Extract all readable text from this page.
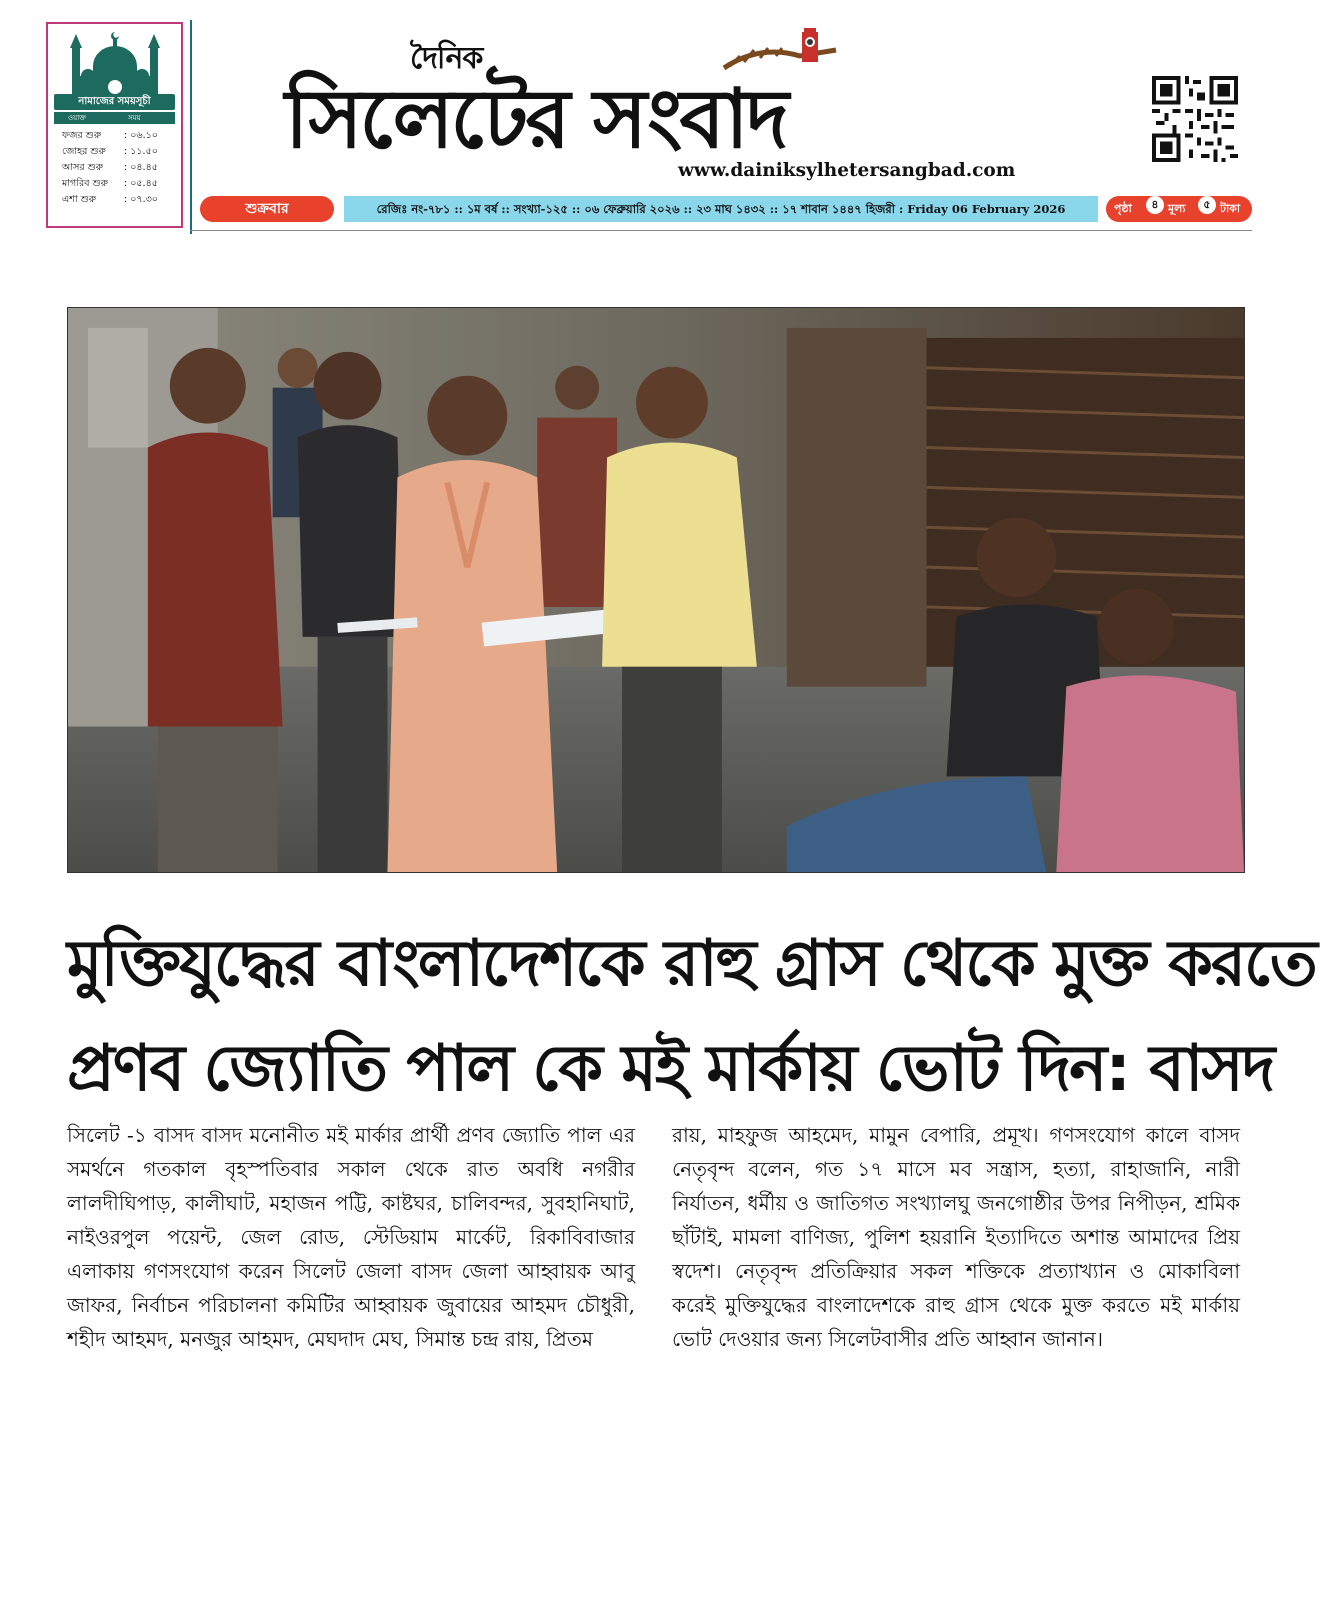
নামাজের সময়সূচী
ওয়াক্ত	সময়
ফজর শুরু : ০৬.১০
জোহর শুরু : ১১.৫০
আসর শুরু : ০৪.৪৫
মাগরিব শুরু : ০৫.৪৫
এশা শুরু	: ০৭.৩০
দৈনিক
সিলেটের সংবাদ
www.dainiksylhetersangbad.com
শুক্রবার	রেজিঃ নং-৭৮১ :: ১ম বর্ষ :: সংখ্যা-১২৫ :: ০৬ ফেব্রুয়ারি ২০২৬ :: ২৩ মাঘ ১৪৩২ :: ১৭ শাবান ১৪৪৭ হিজরী : Friday 06 February 2026	পৃষ্ঠা	৪ মূল্য	৫ টাকা
মুক্তিযুদ্ধের বাংলাদেশকে রাহু গ্রাস থেকে মুক্ত করতে
প্রণব জ্যোতি পাল কে মই মার্কায় ভোট দিন: বাসদ
সিলেট -১ বাসদ বাসদ মনোনীত মই মার্কার প্রার্থী প্রণব জ্যোতি পাল এর সমর্থনে গতকাল বৃহস্পতিবার সকাল থেকে রাত অবধি নগরীর লালদীঘিপাড়, কালীঘাট, মহাজন পট্টি, কাষ্টঘর, চালিবন্দর, সুবহানিঘাট, নাইওরপুল পয়েন্ট, জেল রোড, স্টেডিয়াম মার্কেট, রিকাবিবাজার এলাকায় গণসংযোগ করেন সিলেট জেলা বাসদ জেলা আহ্বায়ক আবু জাফর, নির্বাচন পরিচালনা কমিটির আহ্বায়ক জুবায়ের আহমদ চৌধুরী, শহীদ আহমদ, মনজুর আহমদ, মেঘদাদ মেঘ, সিমান্ত চন্দ্র রায়, প্রিতম
রায়, মাহফুজ আহমেদ, মামুন বেপারি, প্রমূখ। গণসংযোগ কালে বাসদ নেতৃবৃন্দ বলেন, গত ১৭ মাসে মব সন্ত্রাস, হত্যা, রাহাজানি, নারী নির্যাতন, ধর্মীয় ও জাতিগত সংখ্যালঘু জনগোষ্ঠীর উপর নিপীড়ন, শ্রমিক ছাঁটাই, মামলা বাণিজ্য, পুলিশ হয়রানি ইত্যাদিতে অশান্ত আমাদের প্রিয় স্বদেশ। নেতৃবৃন্দ প্রতিক্রিয়ার সকল শক্তিকে প্রত্যাখ্যান ও মোকাবিলা করেই মুক্তিযুদ্ধের বাংলাদেশকে রাহু গ্রাস থেকে মুক্ত করতে মই মার্কায় ভোট দেওয়ার জন্য সিলেটবাসীর প্রতি আহ্বান জানান।
